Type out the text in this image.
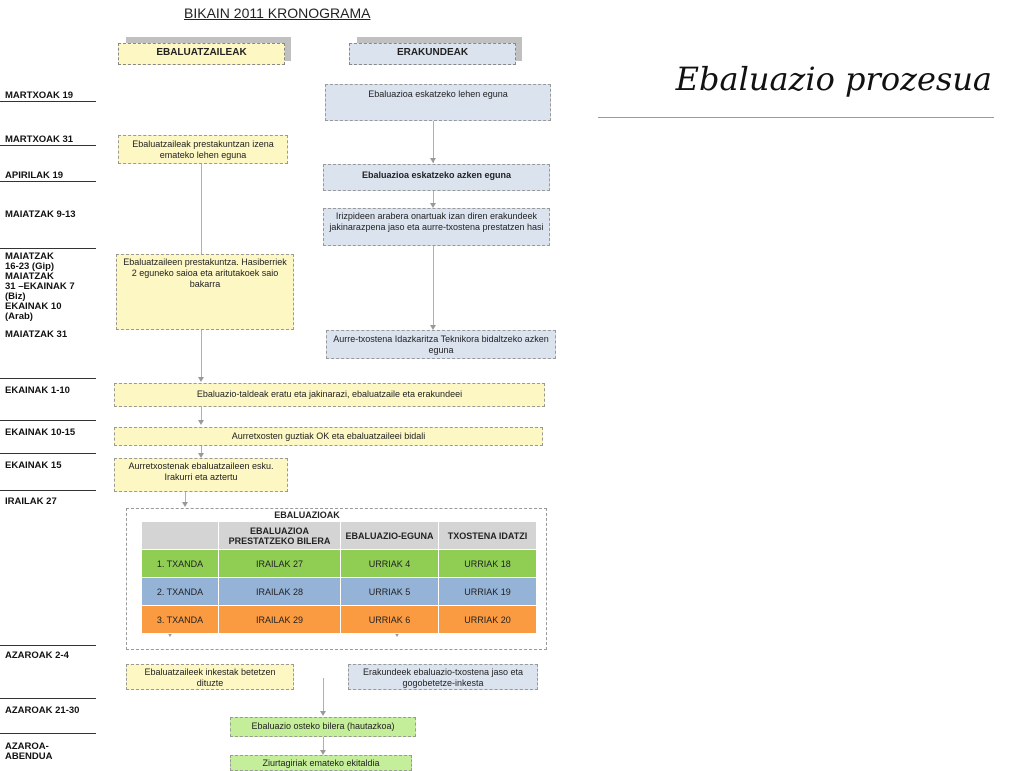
BIKAIN 2011 KRONOGRAMA
Ebaluazio prozesua
EBALUATZAILEAK	ERAKUNDEAK
MARTXOAK 19
MARTXOAK 31
APIRILAK 19
MAIATZAK 9-13
MAIATZAK
16-23 (Gip)
MAIATZAK
31 –EKAINAK 7
(Biz)
EKAINAK 10
(Arab)
MAIATZAK 31
EKAINAK 1-10
EKAINAK 10-15
EKAINAK 15
IRAILAK 27
AZAROAK 2-4
AZAROAK 21-30
AZAROA-
ABENDUA
Ebaluazioa eskatzeko lehen eguna
Ebaluazioa eskatzeko azken eguna
Irizpideen arabera onartuak izan diren erakundeek jakinarazpena jaso eta aurre-txostena prestatzen hasi
Aurre-txostena Idazkaritza Teknikora bidaltzeko azken eguna
Ebaluatzaileak prestakuntzan izena emateko lehen eguna
Ebaluatzaileen prestakuntza. Hasiberriek 2 eguneko saioa eta aritutakoek saio bakarra
Ebaluazio-taldeak eratu eta jakinarazi, ebaluatzaile eta erakundeei
Aurretxosten guztiak OK eta ebaluatzaileei bidali
Aurretxostenak ebaluatzaileen esku. Irakurri eta aztertu
EBALUAZIOAK
	EBALUAZIOA PRESTATZEKO BILERA	EBALUAZIO-EGUNA	TXOSTENA IDATZI
1. TXANDA	IRAILAK 27	URRIAK 4	URRIAK 18
2. TXANDA	IRAILAK 28	URRIAK 5	URRIAK 19
3. TXANDA	IRAILAK 29	URRIAK 6	URRIAK 20
Ebaluatzaileek inkestak betetzen dituzte
Erakundeek ebaluazio-txostena jaso eta gogobetetze-inkesta
Ebaluazio osteko bilera (hautazkoa)
Ziurtagiriak emateko ekitaldia
